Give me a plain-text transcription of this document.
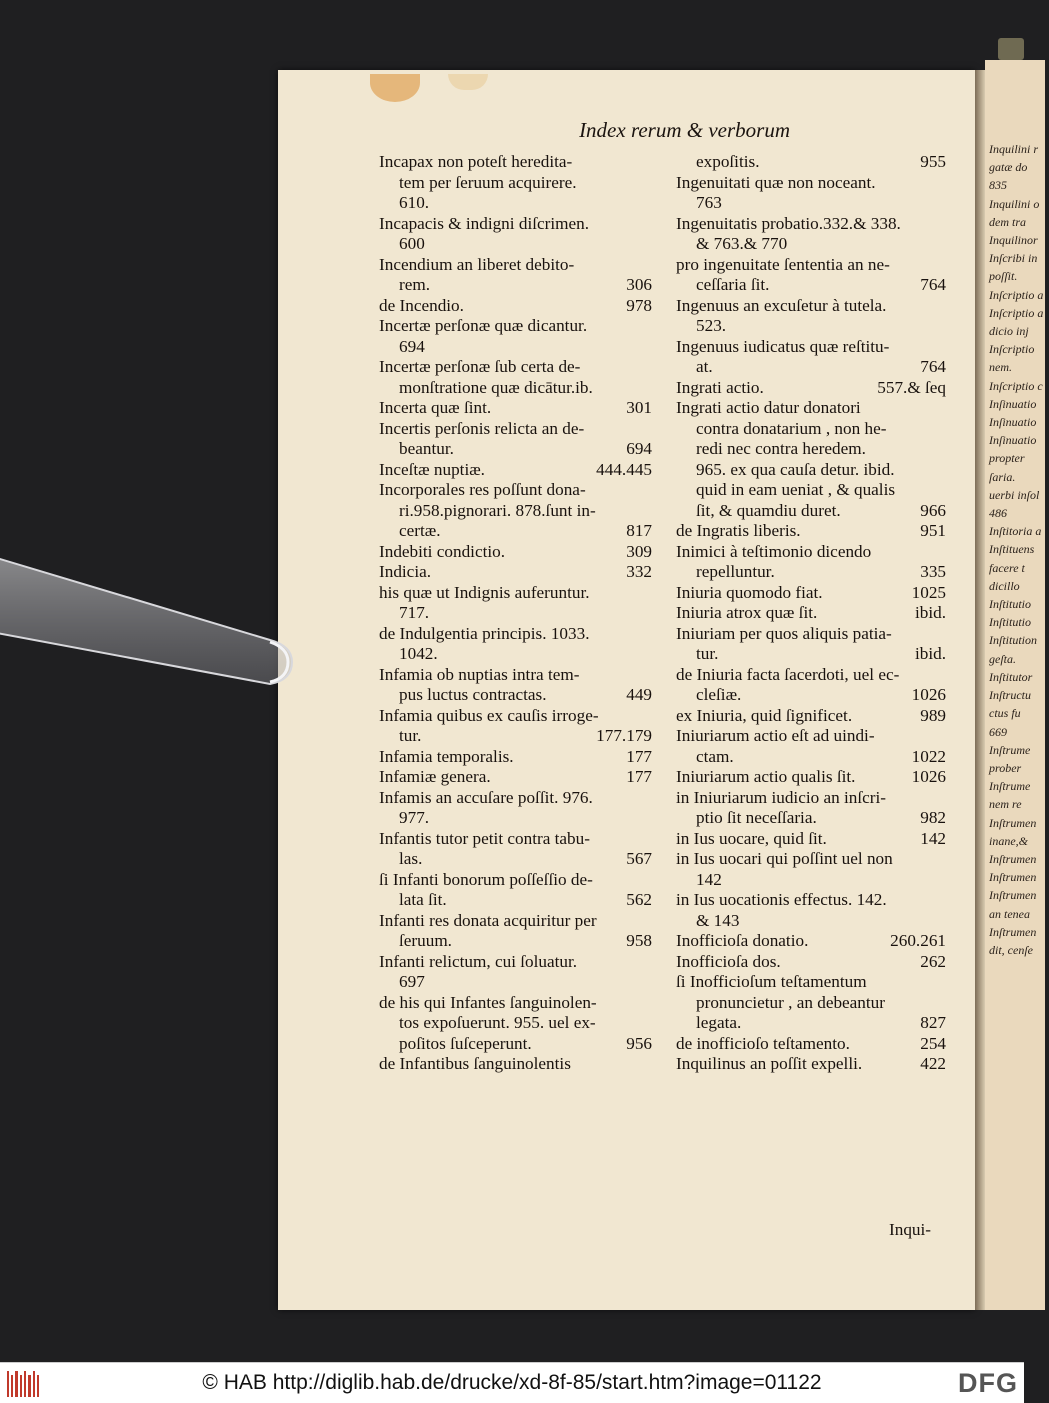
Index rerum & verborum
Incapax non poteſt heredita-
tem per ſeruum acquirere.
610.
Incapacis & indigni diſcrimen.
600
Incendium an liberet debito-
rem.	306
de Incendio.	978
Incertæ perſonæ quæ dicantur.
694
Incertæ perſonæ ſub certa de-
monſtratione quæ dicātur.ib.
Incerta quæ ſint.	301
Incertis perſonis relicta an de-
beantur.	694
Inceſtæ nuptiæ.	444.445
Incorporales res poſſunt dona-
ri.958.pignorari. 878.ſunt in-
certæ.	817
Indebiti condictio.	309
Indicia.	332
his quæ ut Indignis auferuntur.
717.
de Indulgentia principis. 1033.
1042.
Infamia ob nuptias intra tem-
pus luctus contractas.	449
Infamia quibus ex cauſis irroge-
tur.	177.179
Infamia temporalis.	177
Infamiæ genera.	177
Infamis an accuſare poſſit. 976.
977.
Infantis tutor petit contra tabu-
las.	567
ſi Infanti bonorum poſſeſſio de-
lata ſit.	562
Infanti res donata acquiritur per
ſeruum.	958
Infanti relictum, cui ſoluatur.
697
de his qui Infantes ſanguinolen-
tos expoſuerunt. 955. uel ex-
poſitos ſuſceperunt.	956
de Infantibus ſanguinolentis
expoſitis.	955
Ingenuitati quæ non noceant.
763
Ingenuitatis probatio.332.& 338.
& 763.& 770
pro ingenuitate ſententia an ne-
ceſſaria ſit.	764
Ingenuus an excuſetur à tutela.
523.
Ingenuus iudicatus quæ reſtitu-
at.	764
Ingrati actio.	557.& ſeq
Ingrati actio datur donatori
contra donatarium , non he-
redi nec contra heredem.
965. ex qua cauſa detur. ibid.
quid in eam ueniat , & qualis
ſit, & quamdiu duret.	966
de Ingratis liberis.	951
Inimici à teſtimonio dicendo
repelluntur.	335
Iniuria quomodo fiat.	1025
Iniuria atrox quæ ſit.	ibid.
Iniuriam per quos aliquis patia-
tur.	ibid.
de Iniuria facta ſacerdoti, uel ec-
cleſiæ.	1026
ex Iniuria, quid ſignificet.	989
Iniuriarum actio eſt ad uindi-
ctam.	1022
Iniuriarum actio qualis ſit.	1026
in Iniuriarum iudicio an inſcri-
ptio ſit neceſſaria.	982
in Ius uocare, quid ſit.	142
in Ius uocari qui poſſint uel non
142
in Ius uocationis effectus. 142.
& 143
Inofficioſa donatio.	260.261
Inofficioſa dos.	262
ſi Inofficioſum teſtamentum
pronuncietur , an debeantur
legata.	827
de inofficioſo teſtamento.	254
Inquilinus an poſſit expelli.	422
Inqui-
Inquilini r
gatæ do
835
Inquilini o
dem tra
Inquilinor
Inſcribi in
poſſit.
Inſcriptio a
Inſcriptio a
dicio inj
Inſcriptio
nem.
Inſcriptio c
Inſinuatio
Inſinuatio
Inſinuatio
propter
ſaria.
uerbi inſol
486
Inſtitoria a
Inſtituens
facere t
dicillo
Inſtitutio
Inſtitutio
Inſtitution
geſta.
Inſtitutor
Inſtructu
ctus fu
669
Inſtrume
prober
Inſtrume
nem re
Inſtrumen
inane,&
Inſtrumen
Inſtrumen
Inſtrumen
an tenea
Inſtrumen
dit, cenſe
© HAB http://diglib.hab.de/drucke/xd-8f-85/start.htm?image=01122	DFG
